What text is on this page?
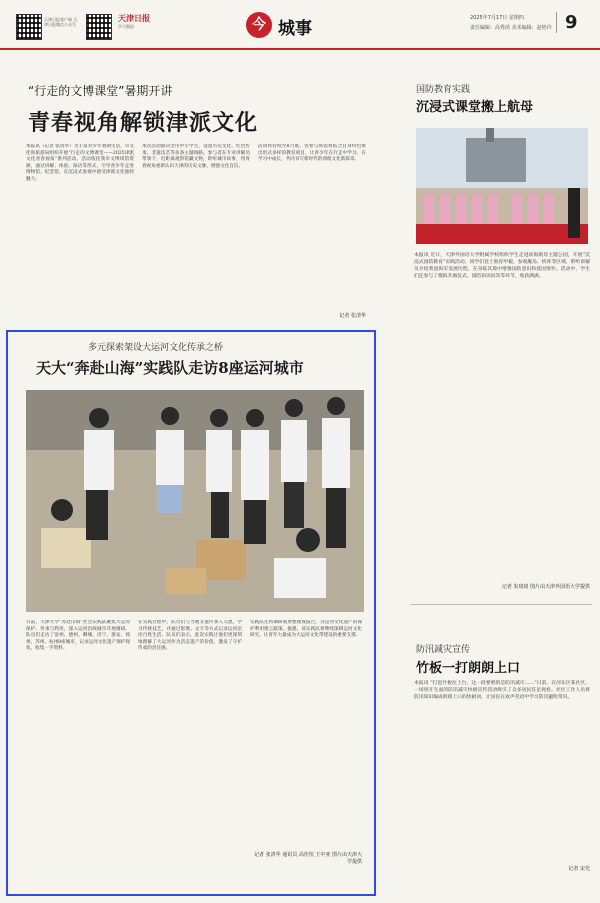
天津日报客户端 天津日报微信公众号
天津日报
学习强国	今 城事
2025年7月17日 星期四
责任编辑：高秀茜 美术编辑：赵艳玲 9
“行走的文博课堂”暑期开讲
青春视角解锁津派文化
本报讯（记者 张清华）为丰富青少年暑期生活，市文化和旅游局组织开展“行走的文博课堂——2025津派文化青春视角”系列活动。活动依托我市文博场馆资源，通过讲解、体验、探访等形式，引导青少年走进博物馆、纪念馆，在沉浸式参观中感受津派文化独特魅力。
本次活动面向全市中小学生，设置历史文化、红色传承、非遗技艺等多条主题线路。参与者在专业讲解员带领下，近距离观察馆藏文物，聆听城市故事，用青春视角重新认识天津的历史文脉，增强文化自信。
活动将持续至8月底，各参与场馆将结合自身特色推出形式多样的教育项目，让青少年在行走中学习、在学习中成长，共同书写新时代的津派文化新篇章。
记者 张清华
多元探索架设大运河文化传承之桥
天大“奔赴山海”实践队走访8座运河城市
日前，天津大学“奔赴山海”社会实践队聚焦大运河保护、传承与利用，深入运河沿线城市开展调研。队员们走访了沧州、德州、聊城、济宁、淮安、扬州、苏州、杭州8座城市，记录运河文化遗产保护现状，收集一手资料。
在实践过程中，队员们与当地非遗传承人交流，学习传统技艺，并通过影像、文字等方式记录运河沿岸百姓生活。队员们表示，此次实践让他们更深刻地理解了大运河作为活态遗产的价值，激发了守护传承的责任感。
实践队还将调研成果整理成报告，为运河文化遗产的保护利用建言献策。据悉，该实践队将继续深耕运河文化研究，让青年力量成为大运河文化带建设的重要支撑。
记者 张清华 通讯员 高佳恒 王中亚 图片由天津大学提供
国防教育实践
沉浸式课堂搬上航母
本报讯 近日，天津外国语大学附属学校组织学生走进滨海航母主题公园，开展“沉浸式国防教育”实践活动。同学们登上航母甲板，参观舰岛、机库等区域，聆听讲解员介绍我国海军发展历程，在身临其境中增强国防意识和爱国情怀。活动中，学生们还参与了模拟升旗仪式、国防知识问答等环节，收获满满。
记者 朱琦琦 图片由天津外国语大学提供
防汛减灾宣传
竹板一打朗朗上口
本报讯 “打起竹板往上台，这一段要唱的是防汛减灾……”日前，在河东区某社区，一场别开生面的防汛减灾快板宣传活动吸引了众多居民驻足观看。社区工作人员将防汛知识编成朗朗上口的快板词，让居民在欢声笑语中学习防汛避险常识。
记者 宋光
